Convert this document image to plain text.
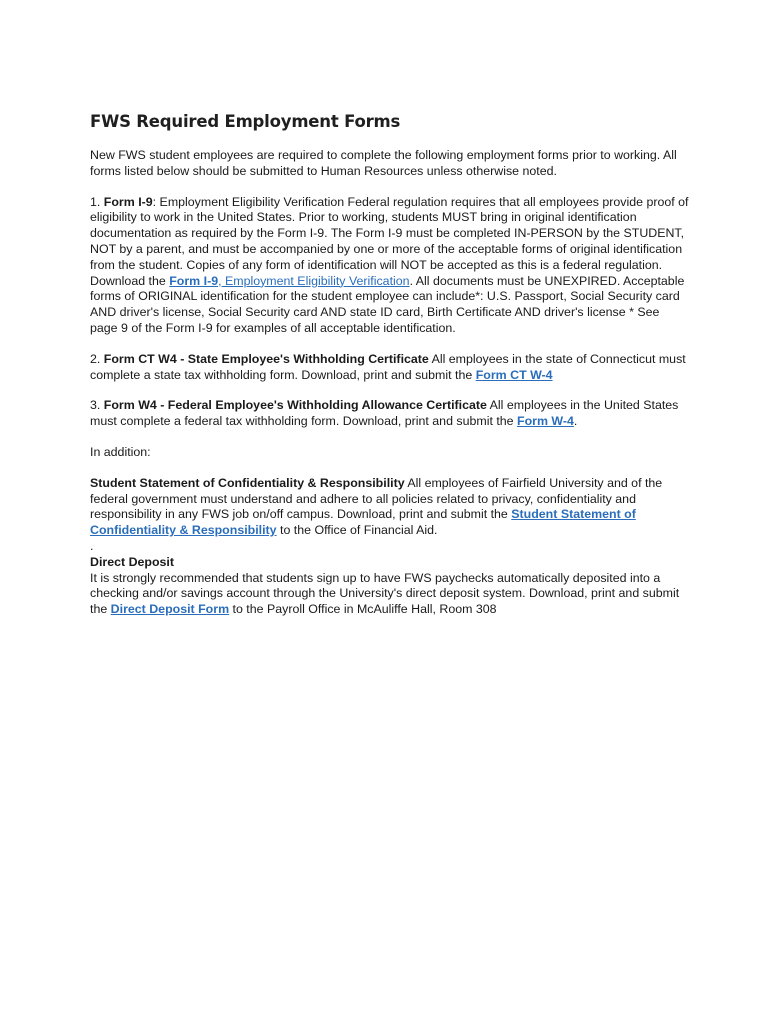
FWS Required Employment Forms

New FWS student employees are required to complete the following employment forms prior to working. All forms listed below should be submitted to Human Resources unless otherwise noted.

1. Form I-9: Employment Eligibility Verification Federal regulation requires that all employees provide proof of eligibility to work in the United States. Prior to working, students MUST bring in original identification documentation as required by the Form I-9. The Form I-9 must be completed IN-PERSON by the STUDENT, NOT by a parent, and must be accompanied by one or more of the acceptable forms of original identification from the student. Copies of any form of identification will NOT be accepted as this is a federal regulation.
Download the Form I-9, Employment Eligibility Verification. All documents must be UNEXPIRED. Acceptable forms of ORIGINAL identification for the student employee can include*: U.S. Passport, Social Security card AND driver's license, Social Security card AND state ID card, Birth Certificate AND driver's license * See page 9 of the Form I-9 for examples of all acceptable identification.

2. Form CT W4 - State Employee's Withholding Certificate All employees in the state of Connecticut must complete a state tax withholding form. Download, print and submit the Form CT W-4

3. Form W4 - Federal Employee's Withholding Allowance Certificate All employees in the United States must complete a federal tax withholding form. Download, print and submit the Form W-4.

In addition:

Student Statement of Confidentiality & Responsibility All employees of Fairfield University and of the federal government must understand and adhere to all policies related to privacy, confidentiality and responsibility in any FWS job on/off campus. Download, print and submit the Student Statement of Confidentiality & Responsibility to the Office of Financial Aid.

.

Direct Deposit
It is strongly recommended that students sign up to have FWS paychecks automatically deposited into a checking and/or savings account through the University's direct deposit system. Download, print and submit the Direct Deposit Form to the Payroll Office in McAuliffe Hall, Room 308
